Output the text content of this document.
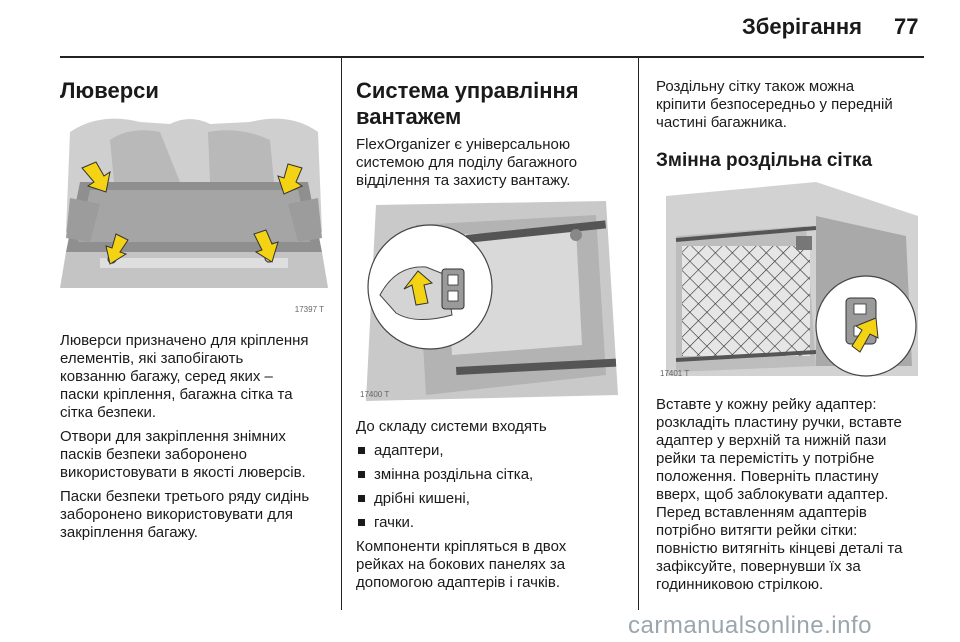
Зберігання 77
Люверси
17397 T
Люверси призначено для кріплення
елементів, які запобігають
ковзанню багажу, серед яких –
паски кріплення, багажна сітка та
сітка безпеки.
Отвори для закріплення знімних
пасків безпеки заборонено
використовувати в якості люверсів.
Паски безпеки третього ряду сидінь
заборонено використовувати для
закріплення багажу.
Система управління
вантажем
FlexOrganizer є універсальною
системою для поділу багажного
відділення та захисту вантажу.
17400 T
До складу системи входять
адаптери,
змінна роздільна сітка,
дрібні кишені,
гачки.
Компоненти кріпляться в двох
рейках на бокових панелях за
допомогою адаптерів і гачків.
Роздільну сітку також можна
кріпити безпосередньо у передній
частині багажника.
Змінна роздільна сітка
17401 T
Вставте у кожну рейку адаптер:
розкладіть пластину ручки, вставте
адаптер у верхній та нижній пази
рейки та перемістіть у потрібне
положення. Поверніть пластину
вверх, щоб заблокувати адаптер.
Перед вставленням адаптерів
потрібно витягти рейки сітки:
повністю витягніть кінцеві деталі та
зафіксуйте, повернувши їх за
годинниковою стрілкою.
carmanualsonline.info
